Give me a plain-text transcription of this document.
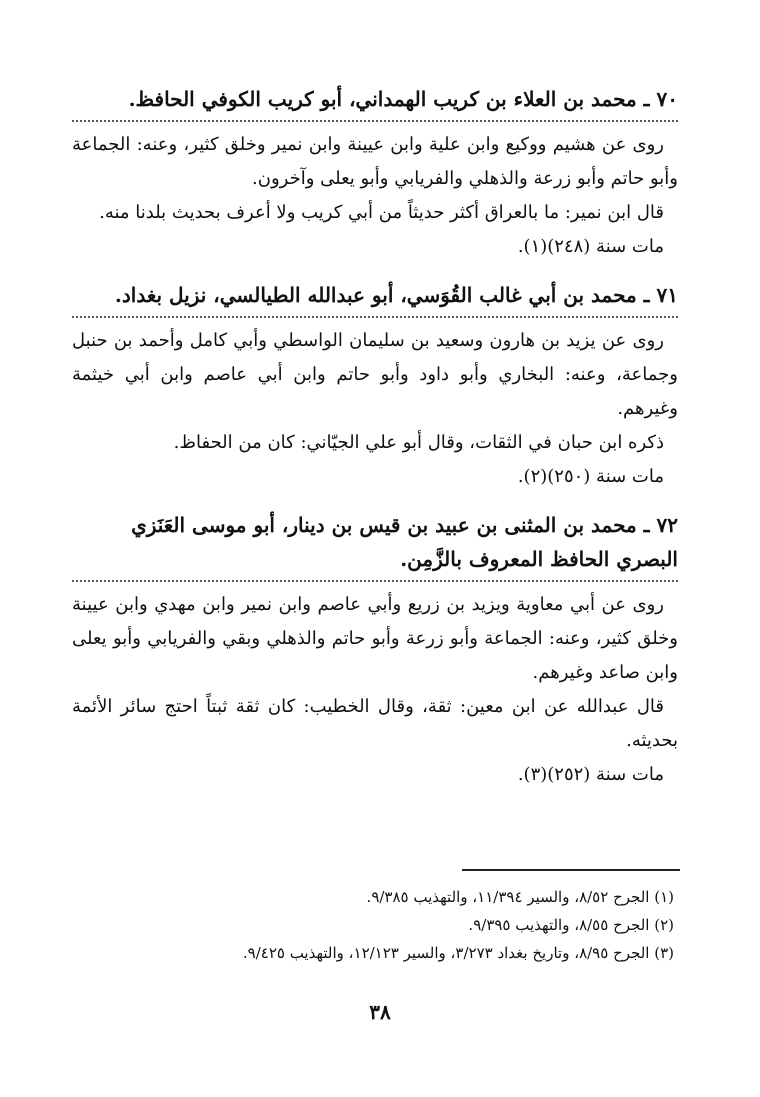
٧٠ ـ محمد بن العلاء بن كريب الهمداني، أبو كريب الكوفي الحافظ.

روى عن هشيم ووكيع وابن علية وابن عيينة وابن نمير وخلق كثير، وعنه: الجماعة وأبو حاتم وأبو زرعة والذهلي والفريابي وأبو يعلى وآخرون.

قال ابن نمير: ما بالعراق أكثر حديثاً من أبي كريب ولا أعرف بحديث بلدنا منه.

مات سنة (٢٤٨)(١).

٧١ ـ محمد بن أبي غالب القُوَسي، أبو عبدالله الطيالسي، نزيل بغداد.

روى عن يزيد بن هارون وسعيد بن سليمان الواسطي وأبي كامل وأحمد بن حنبل وجماعة، وعنه: البخاري وأبو داود وأبو حاتم وابن أبي عاصم وابن أبي خيثمة وغيرهم.

ذكره ابن حبان في الثقات، وقال أبو علي الجيّاني: كان من الحفاظ.

مات سنة (٢٥٠)(٢).

٧٢ ـ محمد بن المثنى بن عبيد بن قيس بن دينار، أبو موسى العَنَزي البصري الحافظ المعروف بالزَّمِن.

روى عن أبي معاوية ويزيد بن زريع وأبي عاصم وابن نمير وابن مهدي وابن عيينة وخلق كثير، وعنه: الجماعة وأبو زرعة وأبو حاتم والذهلي وبقي والفريابي وأبو يعلى وابن صاعد وغيرهم.

قال عبدالله عن ابن معين: ثقة، وقال الخطيب: كان ثقة ثبتاً احتج سائر الأئمة بحديثه.

مات سنة (٢٥٢)(٣).

(١) الجرح ٨/٥٢، والسير ١١/٣٩٤، والتهذيب ٩/٣٨٥.

(٢) الجرح ٨/٥٥، والتهذيب ٩/٣٩٥.

(٣) الجرح ٨/٩٥، وتاريخ بغداد ٣/٢٧٣، والسير ١٢/١٢٣، والتهذيب ٩/٤٢٥.

٣٨
